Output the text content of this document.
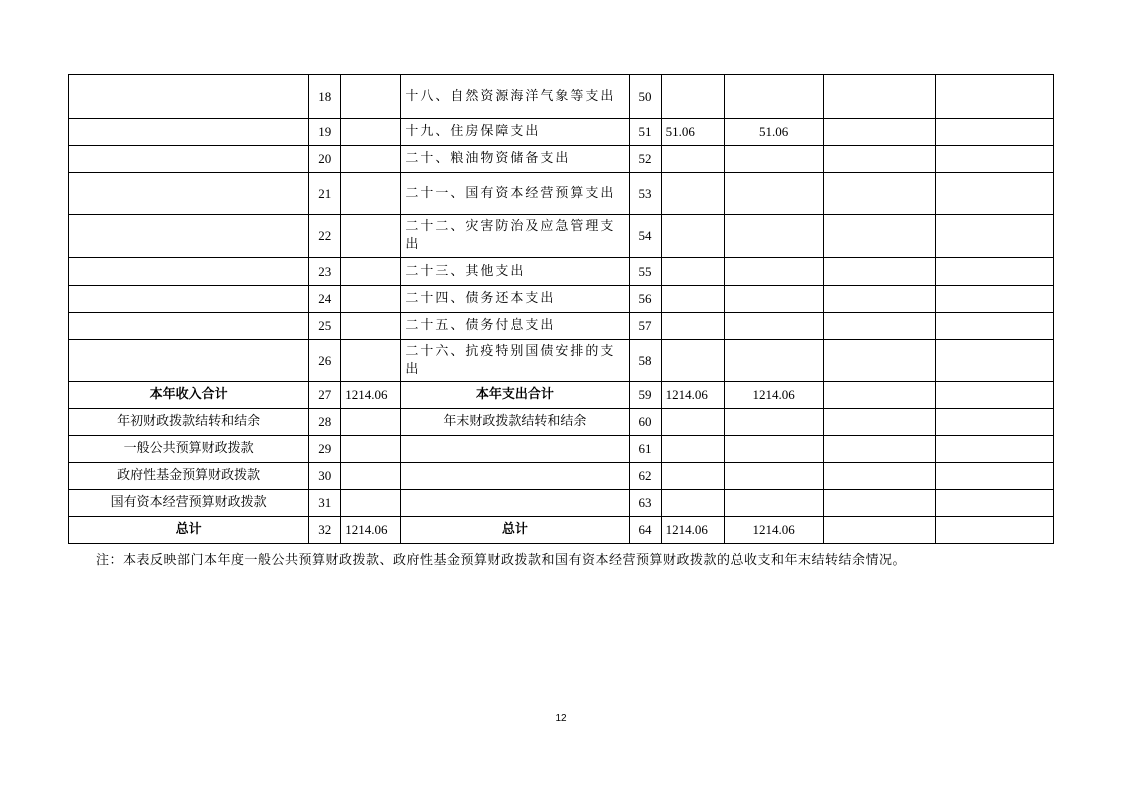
	18		十八、自然资源海洋气象等支出	50				
	19		十九、住房保障支出	51	51.06	51.06		
	20		二十、粮油物资储备支出	52				
	21		二十一、国有资本经营预算支出	53				
	22		二十二、灾害防治及应急管理支出	54				
	23		二十三、其他支出	55				
	24		二十四、债务还本支出	56				
	25		二十五、债务付息支出	57				
	26		二十六、抗疫特别国债安排的支出	58				
本年收入合计	27	1214.06	本年支出合计	59	1214.06	1214.06		
年初财政拨款结转和结余	28		年末财政拨款结转和结余	60				
一般公共预算财政拨款	29			61				
政府性基金预算财政拨款	30			62				
国有资本经营预算财政拨款	31			63				
总计	32	1214.06	总计	64	1214.06	1214.06		
注：本表反映部门本年度一般公共预算财政拨款、政府性基金预算财政拨款和国有资本经营预算财政拨款的总收支和年末结转结余情况。
12
